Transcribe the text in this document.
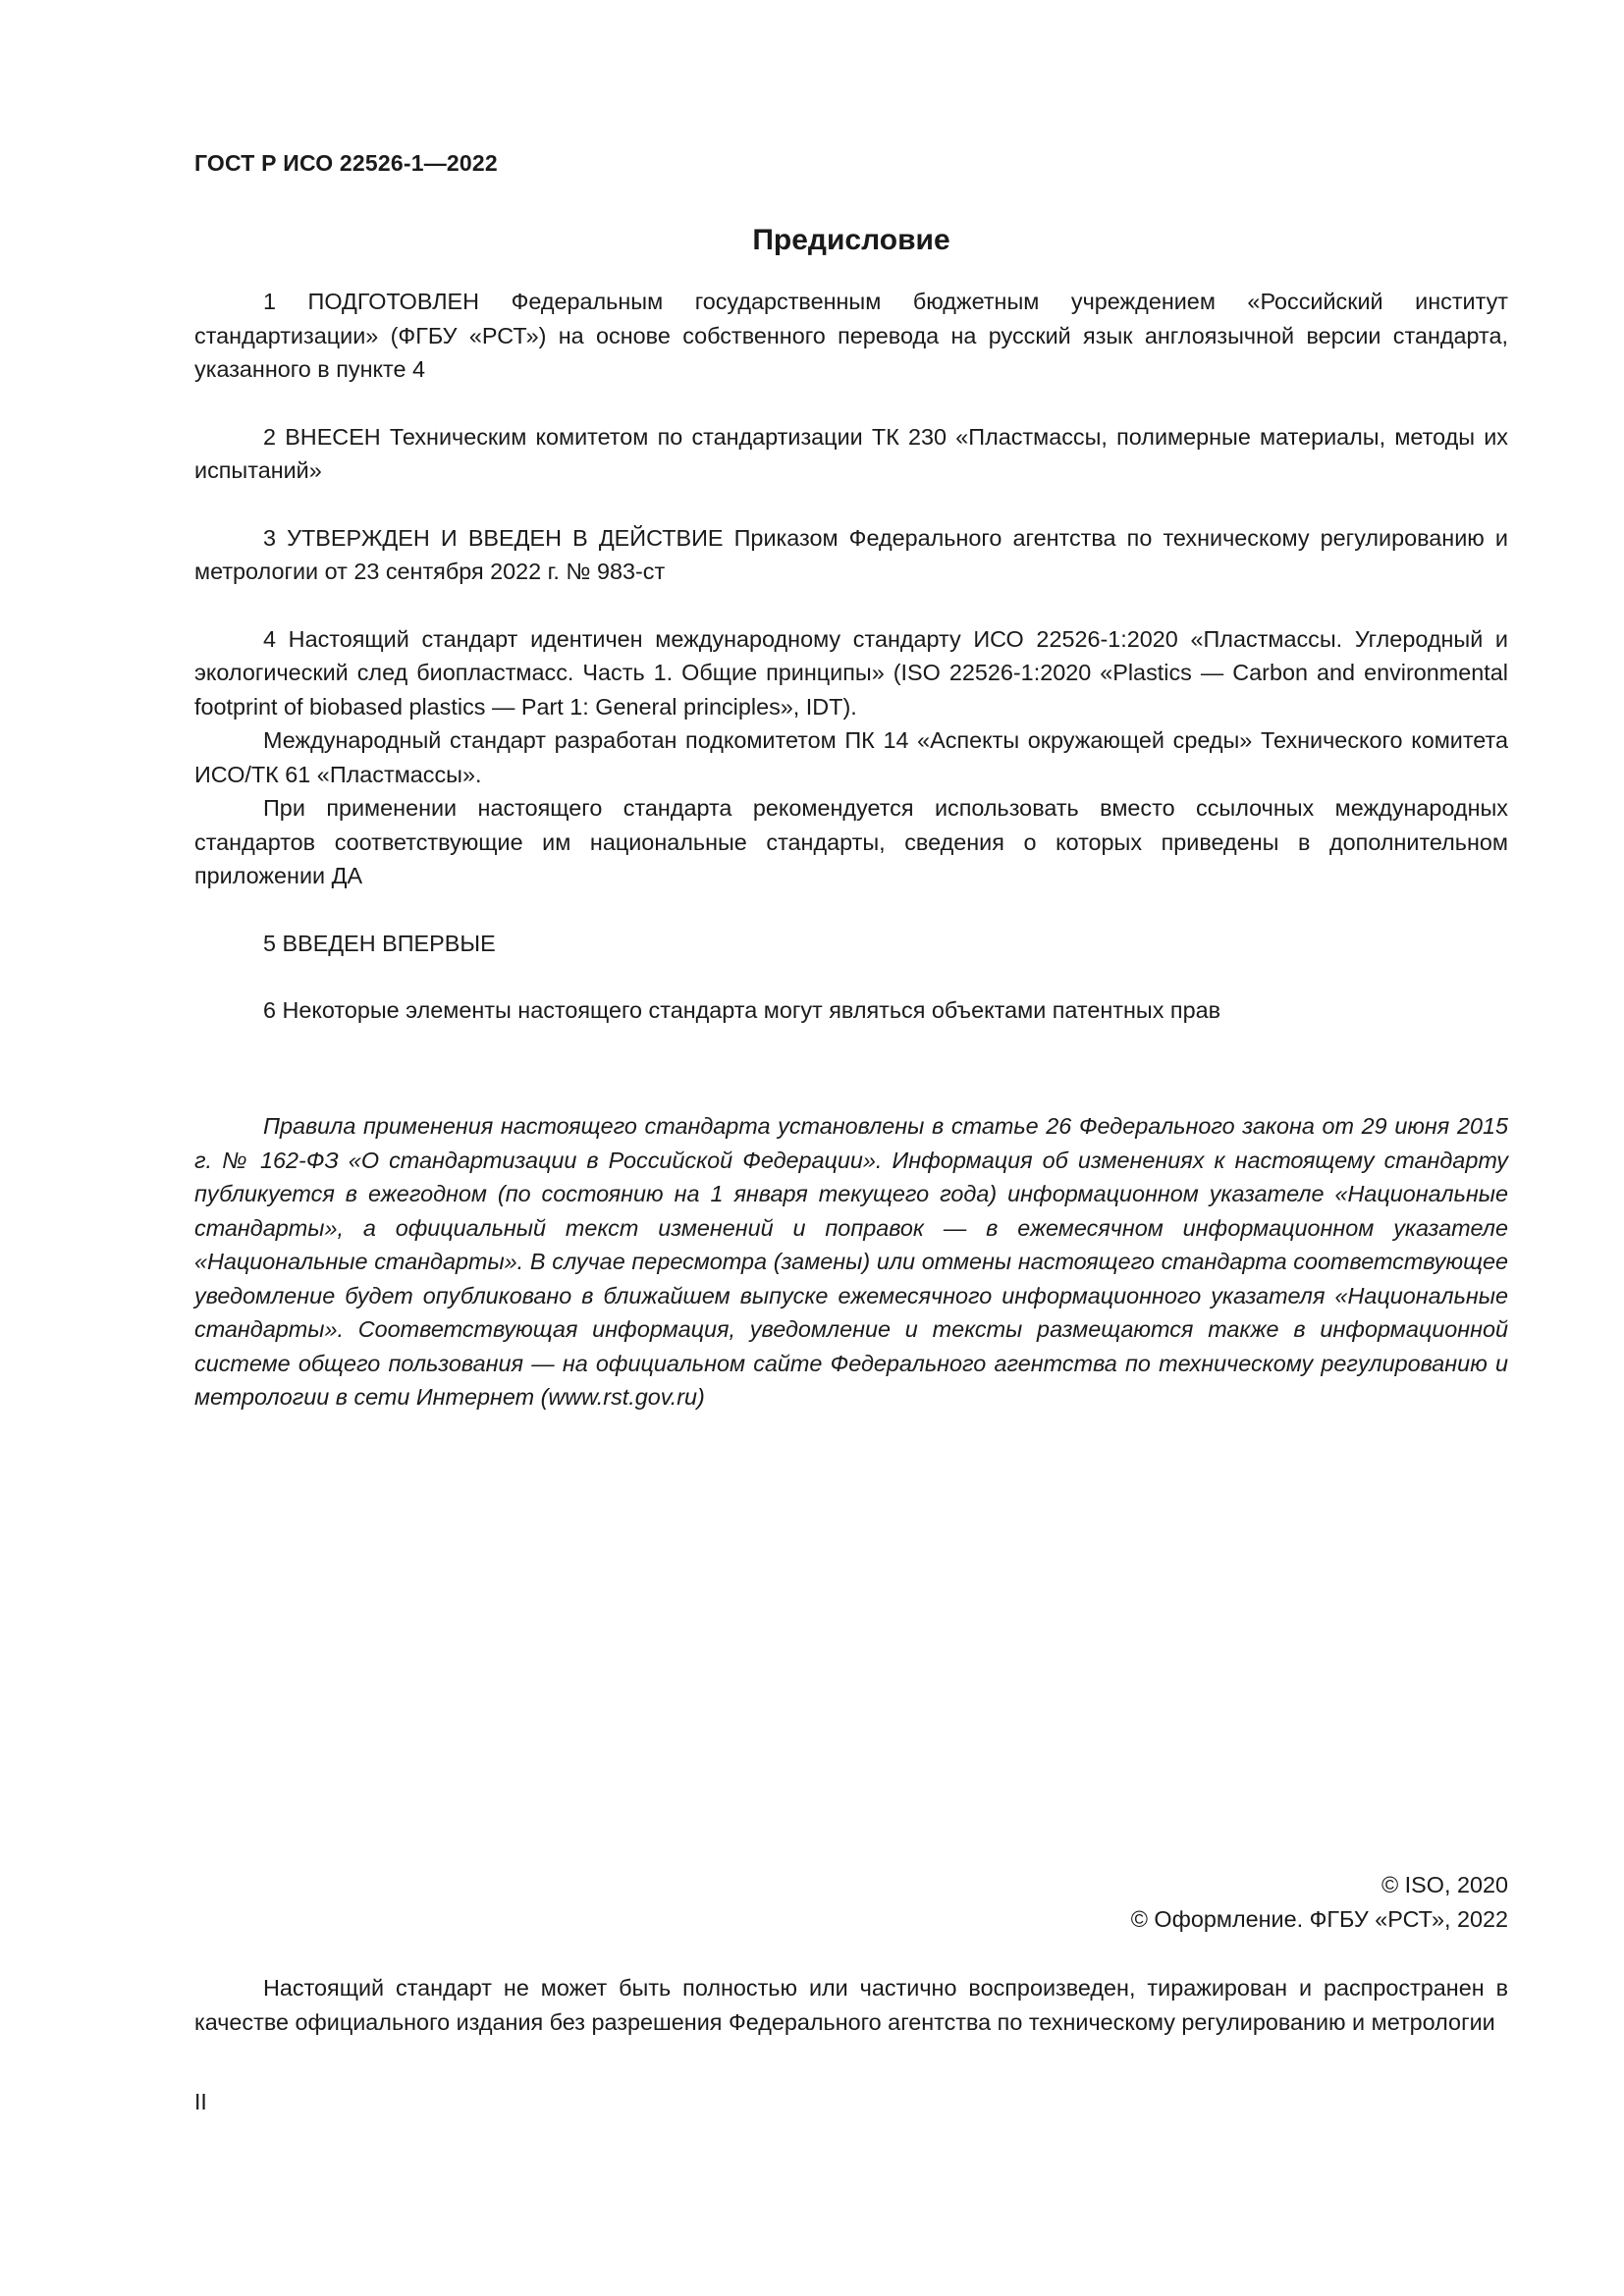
ГОСТ Р ИСО 22526-1—2022
Предисловие

1 ПОДГОТОВЛЕН Федеральным государственным бюджетным учреждением «Российский институт стандартизации» (ФГБУ «РСТ») на основе собственного перевода на русский язык англоязычной версии стандарта, указанного в пункте 4

2 ВНЕСЕН Техническим комитетом по стандартизации ТК 230 «Пластмассы, полимерные материалы, методы их испытаний»

3 УТВЕРЖДЕН И ВВЕДЕН В ДЕЙСТВИЕ Приказом Федерального агентства по техническому регулированию и метрологии от 23 сентября 2022 г. № 983-ст

4 Настоящий стандарт идентичен международному стандарту ИСО 22526-1:2020 «Пластмассы. Углеродный и экологический след биопластмасс. Часть 1. Общие принципы» (ISO 22526-1:2020 «Plastics — Carbon and environmental footprint of biobased plastics — Part 1: General principles», IDT).

Международный стандарт разработан подкомитетом ПК 14 «Аспекты окружающей среды» Технического комитета ИСО/ТК 61 «Пластмассы».

При применении настоящего стандарта рекомендуется использовать вместо ссылочных международных стандартов соответствующие им национальные стандарты, сведения о которых приведены в дополнительном приложении ДА

5 ВВЕДЕН ВПЕРВЫЕ

6 Некоторые элементы настоящего стандарта могут являться объектами патентных прав

Правила применения настоящего стандарта установлены в статье 26 Федерального закона от 29 июня 2015 г. № 162-ФЗ «О стандартизации в Российской Федерации». Информация об изменениях к настоящему стандарту публикуется в ежегодном (по состоянию на 1 января текущего года) информационном указателе «Национальные стандарты», а официальный текст изменений и поправок — в ежемесячном информационном указателе «Национальные стандарты». В случае пересмотра (замены) или отмены настоящего стандарта соответствующее уведомление будет опубликовано в ближайшем выпуске ежемесячного информационного указателя «Национальные стандарты». Соответствующая информация, уведомление и тексты размещаются также в информационной системе общего пользования — на официальном сайте Федерального агентства по техническому регулированию и метрологии в сети Интернет (www.rst.gov.ru)
© ISO, 2020
© Оформление. ФГБУ «РСТ», 2022
Настоящий стандарт не может быть полностью или частично воспроизведен, тиражирован и распространен в качестве официального издания без разрешения Федерального агентства по техническому регулированию и метрологии
II
